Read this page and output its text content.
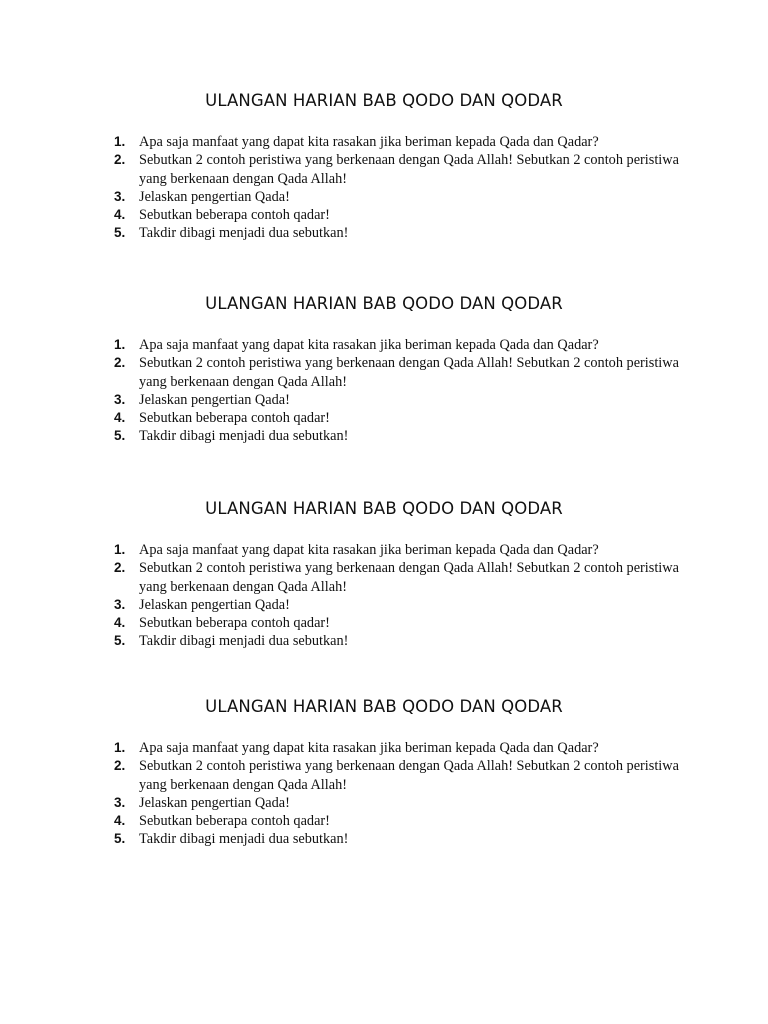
ULANGAN HARIAN BAB QODO DAN QODAR
1. Apa saja manfaat yang dapat kita rasakan jika beriman kepada Qada dan Qadar?
2. Sebutkan 2 contoh peristiwa yang berkenaan dengan Qada Allah! Sebutkan 2 contoh peristiwa yang berkenaan dengan Qada Allah!
3. Jelaskan pengertian Qada!
4. Sebutkan beberapa contoh qadar!
5. Takdir dibagi menjadi dua sebutkan!
ULANGAN HARIAN BAB QODO DAN QODAR
1. Apa saja manfaat yang dapat kita rasakan jika beriman kepada Qada dan Qadar?
2. Sebutkan 2 contoh peristiwa yang berkenaan dengan Qada Allah! Sebutkan 2 contoh peristiwa yang berkenaan dengan Qada Allah!
3. Jelaskan pengertian Qada!
4. Sebutkan beberapa contoh qadar!
5. Takdir dibagi menjadi dua sebutkan!
ULANGAN HARIAN BAB QODO DAN QODAR
1. Apa saja manfaat yang dapat kita rasakan jika beriman kepada Qada dan Qadar?
2. Sebutkan 2 contoh peristiwa yang berkenaan dengan Qada Allah! Sebutkan 2 contoh peristiwa yang berkenaan dengan Qada Allah!
3. Jelaskan pengertian Qada!
4. Sebutkan beberapa contoh qadar!
5. Takdir dibagi menjadi dua sebutkan!
ULANGAN HARIAN BAB QODO DAN QODAR
1. Apa saja manfaat yang dapat kita rasakan jika beriman kepada Qada dan Qadar?
2. Sebutkan 2 contoh peristiwa yang berkenaan dengan Qada Allah! Sebutkan 2 contoh peristiwa yang berkenaan dengan Qada Allah!
3. Jelaskan pengertian Qada!
4. Sebutkan beberapa contoh qadar!
5. Takdir dibagi menjadi dua sebutkan!
